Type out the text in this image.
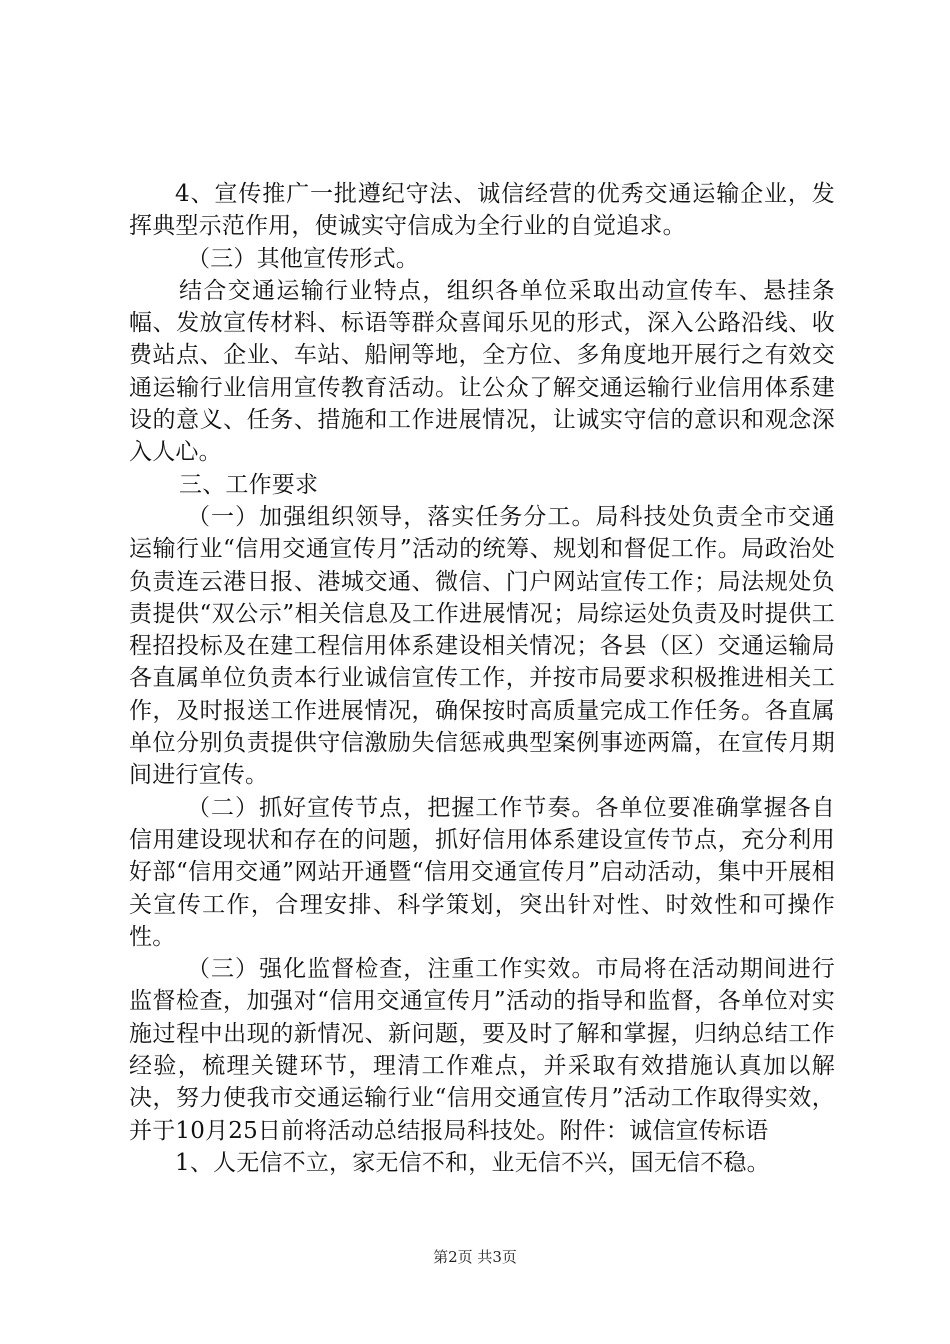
4、宣传推广一批遵纪守法、诚信经营的优秀交通运输企业，发挥典型示范作用，使诚实守信成为全行业的自觉追求。

（三）其他宣传形式。

结合交通运输行业特点，组织各单位采取出动宣传车、悬挂条幅、发放宣传材料、标语等群众喜闻乐见的形式，深入公路沿线、收费站点、企业、车站、船闸等地，全方位、多角度地开展行之有效交通运输行业信用宣传教育活动。让公众了解交通运输行业信用体系建设的意义、任务、措施和工作进展情况，让诚实守信的意识和观念深入人心。

三、工作要求

（一）加强组织领导，落实任务分工。局科技处负责全市交通运输行业“信用交通宣传月”活动的统筹、规划和督促工作。局政治处负责连云港日报、港城交通、微信、门户网站宣传工作；局法规处负责提供“双公示”相关信息及工作进展情况；局综运处负责及时提供工程招投标及在建工程信用体系建设相关情况；各县（区）交通运输局各直属单位负责本行业诚信宣传工作，并按市局要求积极推进相关工作，及时报送工作进展情况，确保按时高质量完成工作任务。各直属单位分别负责提供守信激励失信惩戒典型案例事迹两篇，在宣传月期间进行宣传。

（二）抓好宣传节点，把握工作节奏。各单位要准确掌握各自信用建设现状和存在的问题，抓好信用体系建设宣传节点，充分利用好部“信用交通”网站开通暨“信用交通宣传月”启动活动，集中开展相关宣传工作，合理安排、科学策划，突出针对性、时效性和可操作性。

（三）强化监督检查，注重工作实效。市局将在活动期间进行监督检查，加强对“信用交通宣传月”活动的指导和监督，各单位对实施过程中出现的新情况、新问题，要及时了解和掌握，归纳总结工作经验，梳理关键环节，理清工作难点，并采取有效措施认真加以解决，努力使我市交通运输行业“信用交通宣传月”活动工作取得实效，并于10月25日前将活动总结报局科技处。附件：诚信宣传标语

1、人无信不立，家无信不和，业无信不兴，国无信不稳。

第2页 共3页
